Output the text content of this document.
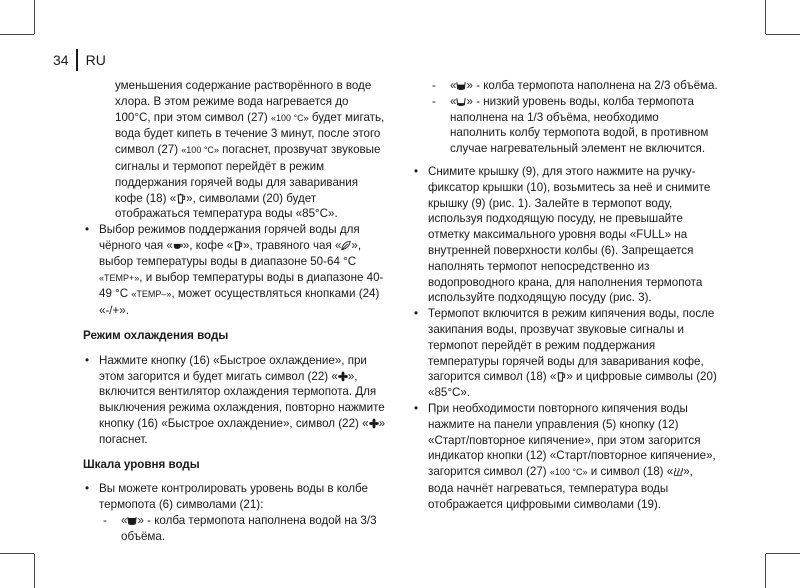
34 RU

уменьшения содержание растворённого в воде хлора. В этом режиме вода нагревается до 100°С, при этом символ (27) «100 °С» будет мигать, вода будет кипеть в течение 3 минут, после этого символ (27) «100 °С» погаснет, прозвучат звуковые сигналы и термопот перейдёт в режим поддержания горячей воды для заваривания кофе (18) « », символами (20) будет отображаться температура воды «85°С».

• Выбор режимов поддержания горячей воды для чёрного чая « », кофе « », травяного чая « », выбор температуры воды в диапазоне 50-64 °С «TEMP+», и выбор температуры воды в диапазоне 40-49 °С «TEMP–», может осуществляться кнопками (24) «-/+».

Режим охлаждения воды

• Нажмите кнопку (16) «Быстрое охлаждение», при этом загорится и будет мигать символ (22) « », включится вентилятор охлаждения термопота. Для выключения режима охлаждения, повторно нажмите кнопку (16) «Быстрое охлаждение», символ (22) « » погаснет.

Шкала уровня воды

• Вы можете контролировать уровень воды в колбе термопота (6) символами (21):

- « » - колба термопота наполнена водой на 3/3 объёма.

- « » - колба термопота наполнена на 2/3 объёма.

- « » - низкий уровень воды, колба термопота наполнена на 1/3 объёма, необходимо наполнить колбу термопота водой, в противном случае нагревательный элемент не включится.

• Снимите крышку (9), для этого нажмите на ручку-фиксатор крышки (10), возьмитесь за неё и снимите крышку (9) (рис. 1). Залейте в термопот воду, используя подходящую посуду, не превышайте отметку максимального уровня воды «FULL» на внутренней поверхности колбы (6). Запрещается наполнять термопот непосредственно из водопроводного крана, для наполнения термопота используйте подходящую посуду (рис. 3).

• Термопот включится в режим кипячения воды, после закипания воды, прозвучат звуковые сигналы и термопот перейдёт в режим поддержания температуры горячей воды для заваривания кофе, загорится символ (18) « » и цифровые символы (20) «85°С».

• При необходимости повторного кипячения воды нажмите на панели управления (5) кнопку (12) «Старт/повторное кипячение», при этом загорится индикатор кнопки (12) «Старт/повторное кипячение», загорится символ (27) «100 °С» и символ (18) « », вода начнёт нагреваться, температура воды отображается цифровыми символами (19).
